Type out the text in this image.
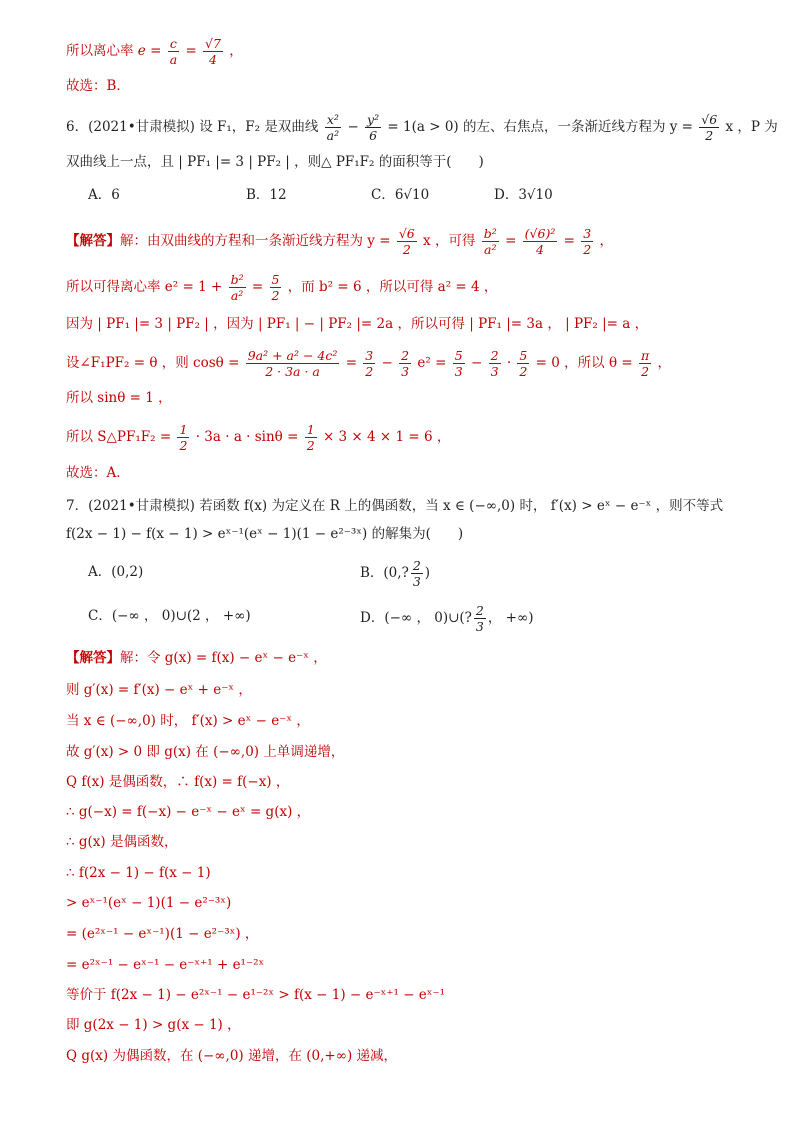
所以离心率 $e = \frac{c}{a} = \frac{√7}{4}$ ，
故选：B．
6．(2021•甘肃模拟) 设 F₁，F₂ 是双曲线 $\frac{\text{x²}}{\text{a²}} - \frac{\text{y²}}{6} = 1(a > 0)$ 的左、右焦点，一条渐近线方程为 $y = \frac{√6}{2}$ x ，P 为
双曲线上一点，且 | PF₁ |= 3 | PF₂ | ，则△ PF₁F₂ 的面积等于(　　)
A．6	B．12	C．6√10	D．3√10
【解答】解：由双曲线的方程和一条渐近线方程为 $y = \frac{√6}{2}$ x ，可得 $\frac{\text{b²}}{\text{a²}} = \frac{\text{(√6)²}}{4} = \frac{3}{2}$ ，
所以可得离心率 $e^2 = 1 + \frac{\text{b²}}{\text{a²}} = \frac{5}{2}$ ，而 b² = 6 ，所以可得 a² = 4 ，
因为 | PF₁ |= 3 | PF₂ | ，因为 | PF₁ | − | PF₂ |= 2a ，所以可得 | PF₁ |= 3a ， | PF₂ |= a ，
设∠F₁PF₂ = θ ，则 $\cos\theta = \frac{\text{9a² + a² − 4c²}}{2 \cdot 3a \cdot a} = \frac{3}{2} - \frac{2}{3} e^2 = \frac{5}{3} - \frac{2}{3} \cdot \frac{5}{2} = 0$ ，所以 $\theta = \frac{\pi}{2}$ ，
所以 sinθ = 1 ，
所以 S△PF₁F₂ = $\frac{1}{2} \cdot 3a \cdot a \cdot \sin\theta = \frac{1}{2} \times 3 \times 4 \times 1 = 6$ ，
故选：A．
7．(2021•甘肃模拟) 若函数 f(x) 为定义在 R 上的偶函数，当 x ∈ (−∞,0) 时， f′(x) > eˣ − e⁻ˣ ，则不等式
f(2x − 1) − f(x − 1) > eˣ⁻¹(eˣ − 1)(1 − e²⁻³ˣ) 的解集为(　　)
A．(0,2)	B．(0,? $\frac{2}{3}$ )
C．(−∞ ， 0)∪(2 ， +∞)	D．(−∞ ， 0)∪(? $\frac{2}{3}$ ， +∞)
【解答】解：令 g(x) = f(x) − eˣ − e⁻ˣ ，
则 g′(x) = f′(x) − eˣ + e⁻ˣ ，
当 x ∈ (−∞,0) 时， f′(x) > eˣ − e⁻ˣ ，
故 g′(x) > 0 即 g(x) 在 (−∞,0) 上单调递增，
Q f(x) 是偶函数，∴ f(x) = f(−x) ，
∴ g(−x) = f(−x) − e⁻ˣ − eˣ = g(x) ，
∴ g(x) 是偶函数，
∴ f(2x − 1) − f(x − 1)
> eˣ⁻¹(eˣ − 1)(1 − e²⁻³ˣ)
= (e²ˣ⁻¹ − eˣ⁻¹)(1 − e²⁻³ˣ) ，
= e²ˣ⁻¹ − eˣ⁻¹ − e⁻ˣ⁺¹ + e¹⁻²ˣ
等价于 f(2x − 1) − e²ˣ⁻¹ − e¹⁻²ˣ > f(x − 1) − e⁻ˣ⁺¹ − eˣ⁻¹
即 g(2x − 1) > g(x − 1) ，
Q g(x) 为偶函数，在 (−∞,0) 递增，在 (0,+∞) 递减，
